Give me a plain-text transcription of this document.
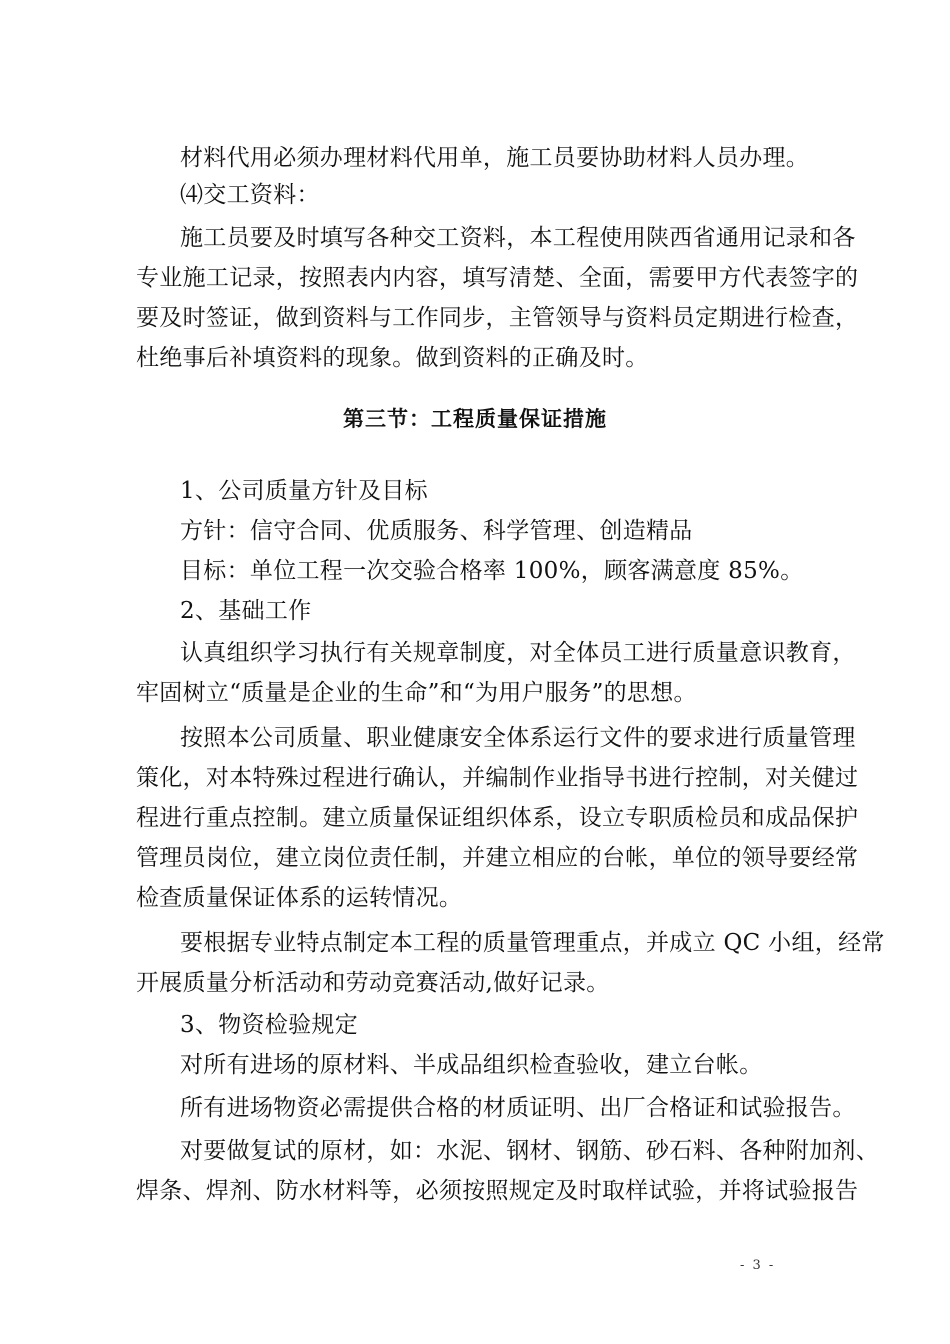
材料代用必须办理材料代用单，施工员要协助材料人员办理。
⑷交工资料：
施工员要及时填写各种交工资料，本工程使用陕西省通用记录和各
专业施工记录，按照表内内容，填写清楚、全面，需要甲方代表签字的
要及时签证，做到资料与工作同步，主管领导与资料员定期进行检查，
杜绝事后补填资料的现象。做到资料的正确及时。
第三节：工程质量保证措施
1、公司质量方针及目标
方针：信守合同、优质服务、科学管理、创造精品
目标：单位工程一次交验合格率 100%，顾客满意度 85%。
2、基础工作
认真组织学习执行有关规章制度，对全体员工进行质量意识教育，
牢固树立“质量是企业的生命”和“为用户服务”的思想。
按照本公司质量、职业健康安全体系运行文件的要求进行质量管理
策化，对本特殊过程进行确认，并编制作业指导书进行控制，对关健过
程进行重点控制。建立质量保证组织体系，设立专职质检员和成品保护
管理员岗位，建立岗位责任制，并建立相应的台帐，单位的领导要经常
检查质量保证体系的运转情况。
要根据专业特点制定本工程的质量管理重点，并成立 QC 小组，经常
开展质量分析活动和劳动竞赛活动,做好记录。
3、物资检验规定
对所有进场的原材料、半成品组织检查验收，建立台帐。
所有进场物资必需提供合格的材质证明、出厂合格证和试验报告。
对要做复试的原材，如：水泥、钢材、钢筋、砂石料、各种附加剂、
焊条、焊剂、防水材料等，必须按照规定及时取样试验，并将试验报告
- 3 -
